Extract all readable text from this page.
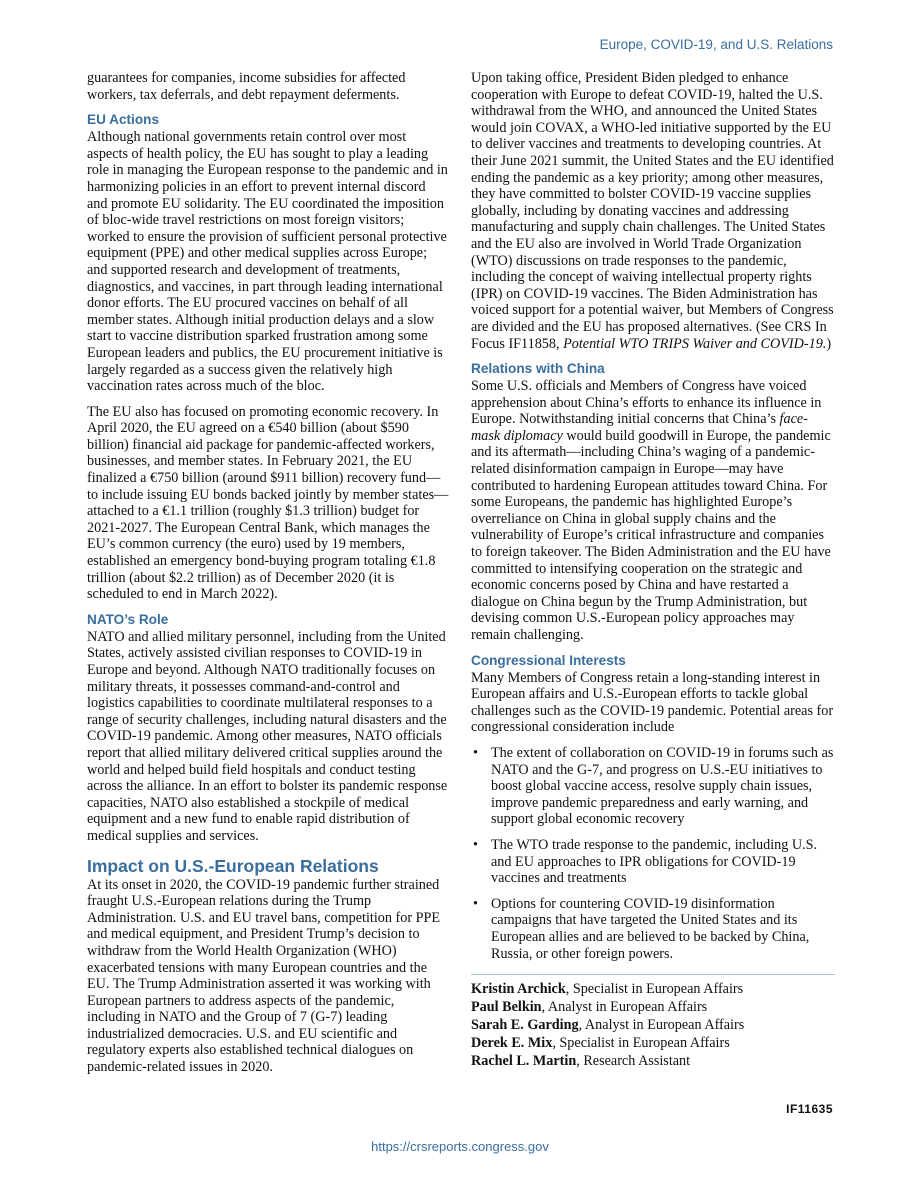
Europe, COVID-19, and U.S. Relations

guarantees for companies, income subsidies for affected workers, tax deferrals, and debt repayment deferments.

EU Actions

Although national governments retain control over most aspects of health policy, the EU has sought to play a leading role in managing the European response to the pandemic and in harmonizing policies in an effort to prevent internal discord and promote EU solidarity. The EU coordinated the imposition of bloc-wide travel restrictions on most foreign visitors; worked to ensure the provision of sufficient personal protective equipment (PPE) and other medical supplies across Europe; and supported research and development of treatments, diagnostics, and vaccines, in part through leading international donor efforts. The EU procured vaccines on behalf of all member states. Although initial production delays and a slow start to vaccine distribution sparked frustration among some European leaders and publics, the EU procurement initiative is largely regarded as a success given the relatively high vaccination rates across much of the bloc.

The EU also has focused on promoting economic recovery. In April 2020, the EU agreed on a €540 billion (about $590 billion) financial aid package for pandemic-affected workers, businesses, and member states. In February 2021, the EU finalized a €750 billion (around $911 billion) recovery fund—to include issuing EU bonds backed jointly by member states—attached to a €1.1 trillion (roughly $1.3 trillion) budget for 2021-2027. The European Central Bank, which manages the EU’s common currency (the euro) used by 19 members, established an emergency bond-buying program totaling €1.8 trillion (about $2.2 trillion) as of December 2020 (it is scheduled to end in March 2022).

NATO’s Role

NATO and allied military personnel, including from the United States, actively assisted civilian responses to COVID-19 in Europe and beyond. Although NATO traditionally focuses on military threats, it possesses command-and-control and logistics capabilities to coordinate multilateral responses to a range of security challenges, including natural disasters and the COVID-19 pandemic. Among other measures, NATO officials report that allied military delivered critical supplies around the world and helped build field hospitals and conduct testing across the alliance. In an effort to bolster its pandemic response capacities, NATO also established a stockpile of medical equipment and a new fund to enable rapid distribution of medical supplies and services.

Impact on U.S.-European Relations

At its onset in 2020, the COVID-19 pandemic further strained fraught U.S.-European relations during the Trump Administration. U.S. and EU travel bans, competition for PPE and medical equipment, and President Trump’s decision to withdraw from the World Health Organization (WHO) exacerbated tensions with many European countries and the EU. The Trump Administration asserted it was working with European partners to address aspects of the pandemic, including in NATO and the Group of 7 (G-7) leading industrialized democracies. U.S. and EU scientific and regulatory experts also established technical dialogues on pandemic-related issues in 2020.

Upon taking office, President Biden pledged to enhance cooperation with Europe to defeat COVID-19, halted the U.S. withdrawal from the WHO, and announced the United States would join COVAX, a WHO-led initiative supported by the EU to deliver vaccines and treatments to developing countries. At their June 2021 summit, the United States and the EU identified ending the pandemic as a key priority; among other measures, they have committed to bolster COVID-19 vaccine supplies globally, including by donating vaccines and addressing manufacturing and supply chain challenges. The United States and the EU also are involved in World Trade Organization (WTO) discussions on trade responses to the pandemic, including the concept of waiving intellectual property rights (IPR) on COVID-19 vaccines. The Biden Administration has voiced support for a potential waiver, but Members of Congress are divided and the EU has proposed alternatives. (See CRS In Focus IF11858, Potential WTO TRIPS Waiver and COVID-19.)

Relations with China

Some U.S. officials and Members of Congress have voiced apprehension about China’s efforts to enhance its influence in Europe. Notwithstanding initial concerns that China’s face-mask diplomacy would build goodwill in Europe, the pandemic and its aftermath—including China’s waging of a pandemic-related disinformation campaign in Europe—may have contributed to hardening European attitudes toward China. For some Europeans, the pandemic has highlighted Europe’s overreliance on China in global supply chains and the vulnerability of Europe’s critical infrastructure and companies to foreign takeover. The Biden Administration and the EU have committed to intensifying cooperation on the strategic and economic concerns posed by China and have restarted a dialogue on China begun by the Trump Administration, but devising common U.S.-European policy approaches may remain challenging.

Congressional Interests

Many Members of Congress retain a long-standing interest in European affairs and U.S.-European efforts to tackle global challenges such as the COVID-19 pandemic. Potential areas for congressional consideration include

• The extent of collaboration on COVID-19 in forums such as NATO and the G-7, and progress on U.S.-EU initiatives to boost global vaccine access, resolve supply chain issues, improve pandemic preparedness and early warning, and support global economic recovery
• The WTO trade response to the pandemic, including U.S. and EU approaches to IPR obligations for COVID-19 vaccines and treatments
• Options for countering COVID-19 disinformation campaigns that have targeted the United States and its European allies and are believed to be backed by China, Russia, or other foreign powers.

Kristin Archick, Specialist in European Affairs

Paul Belkin, Analyst in European Affairs

Sarah E. Garding, Analyst in European Affairs

Derek E. Mix, Specialist in European Affairs

Rachel L. Martin, Research Assistant

IF11635
https://crsreports.congress.gov
